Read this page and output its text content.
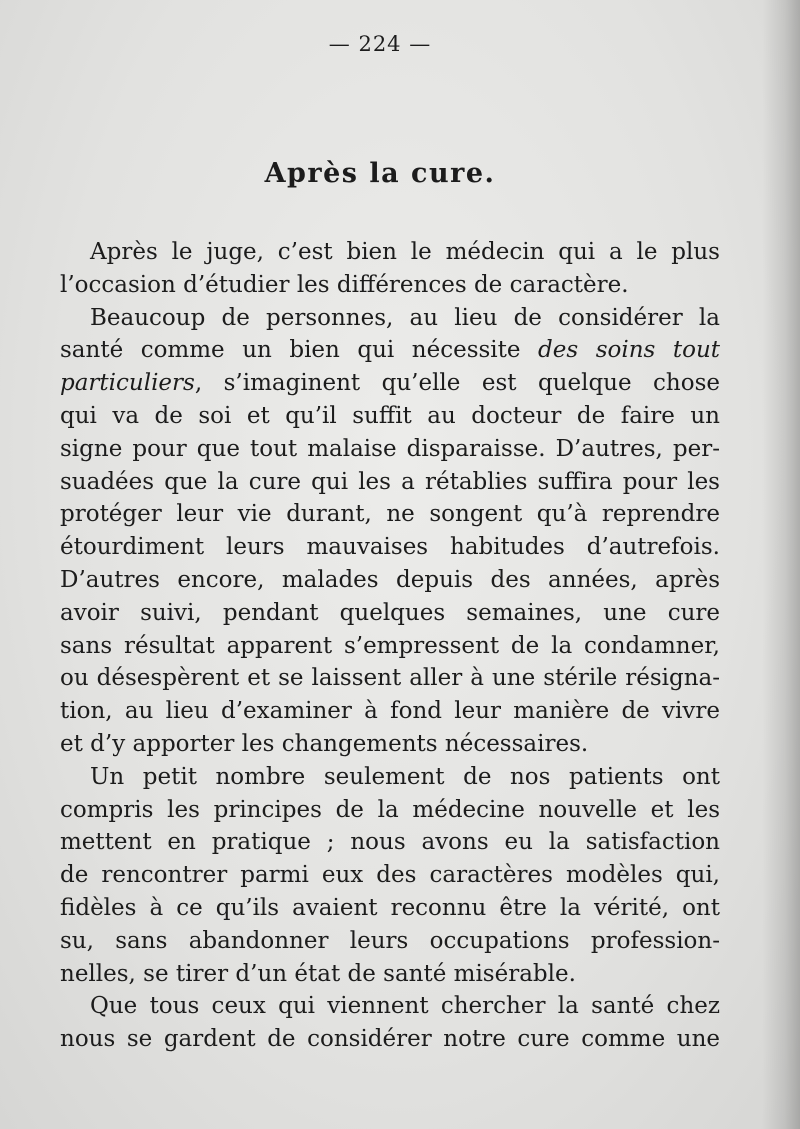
— 224 —
Après la cure.
Après le juge, c’est bien le médecin qui a le plus
l’occasion d’étudier les différences de caractère.
Beaucoup de personnes, au lieu de considérer la
santé comme un bien qui nécessite des soins tout
particuliers, s’imaginent qu’elle est quelque chose
qui va de soi et qu’il suffit au docteur de faire un
signe pour que tout malaise disparaisse. D’autres, per-
suadées que la cure qui les a rétablies suffira pour les
protéger leur vie durant, ne songent qu’à reprendre
étourdiment leurs mauvaises habitudes d’autrefois.
D’autres encore, malades depuis des années, après
avoir suivi, pendant quelques semaines, une cure
sans résultat apparent s’empressent de la condamner,
ou désespèrent et se laissent aller à une stérile résigna-
tion, au lieu d’examiner à fond leur manière de vivre
et d’y apporter les changements nécessaires.
Un petit nombre seulement de nos patients ont
compris les principes de la médecine nouvelle et les
mettent en pratique ; nous avons eu la satisfaction
de rencontrer parmi eux des caractères modèles qui,
fidèles à ce qu’ils avaient reconnu être la vérité, ont
su, sans abandonner leurs occupations profession-
nelles, se tirer d’un état de santé misérable.
Que tous ceux qui viennent chercher la santé chez
nous se gardent de considérer notre cure comme une
